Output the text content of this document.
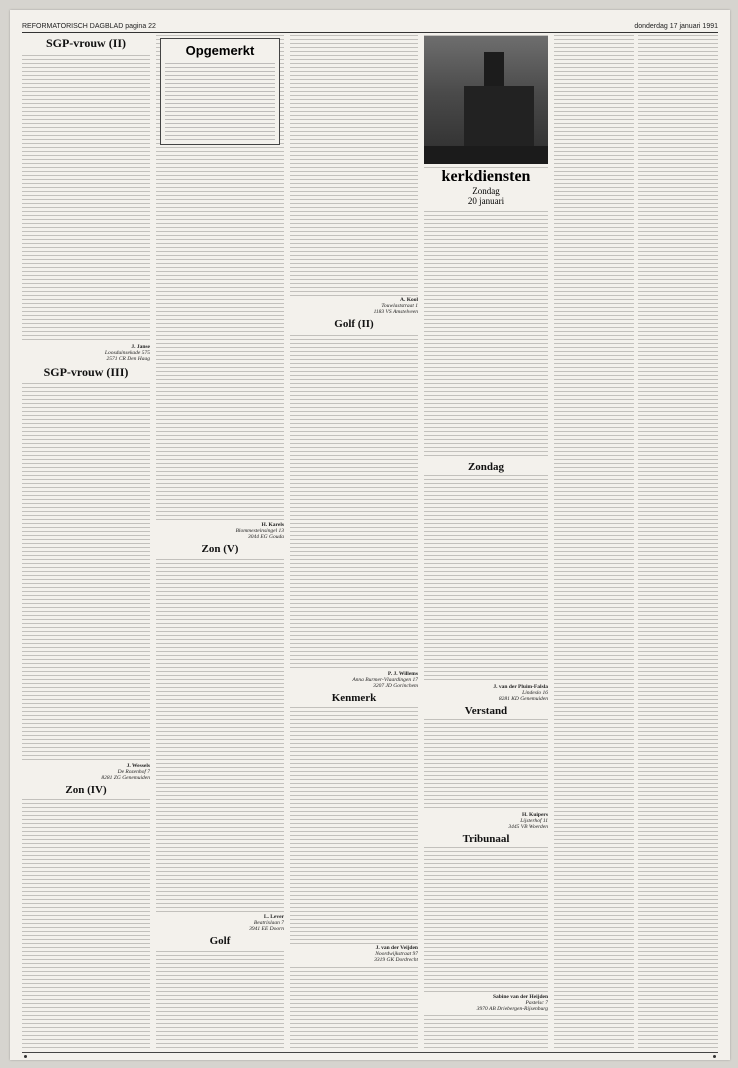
REFORMATORISCH DAGBLAD pagina 22	donderdag 17 januari 1991
SGP-vrouw (II)
J. Janse
Loosduinsekade 575
2571 CR Den Haag
SGP-vrouw (III)
J. Wessels
De Rozenhof 7
8281 ZG Genemuiden
Zon (IV)
Opgemerkt
H. Karels
Blommesteinsingel 13
3044 EG Gouda
Zon (V)
L. Lever
Beatrixlaan 7
3941 EE Doorn
Golf
A. Kool
Touwlaststraat 1
1183 VS Amstelveen
Golf (II)
P. J. Willems
Anna Burmer-Vlaardingen 17
3207 JD Gorinchem
Kenmerk
J. van der Veijden
Noordwijkstraat 97
3319 GK Dordrecht
kerkdiensten
Zondag
20 januari
Zondag
J. van der Pluim-Falsla
Lindeslo 16
8281 KD Genemuiden
Verstand
H. Kuipers
Lijsterhof 11
3445 VB Woerden
Tribunaal
Sabine van der Heijden
Pastelsc 7
3970 AB Driebergen-Rijsenburg
